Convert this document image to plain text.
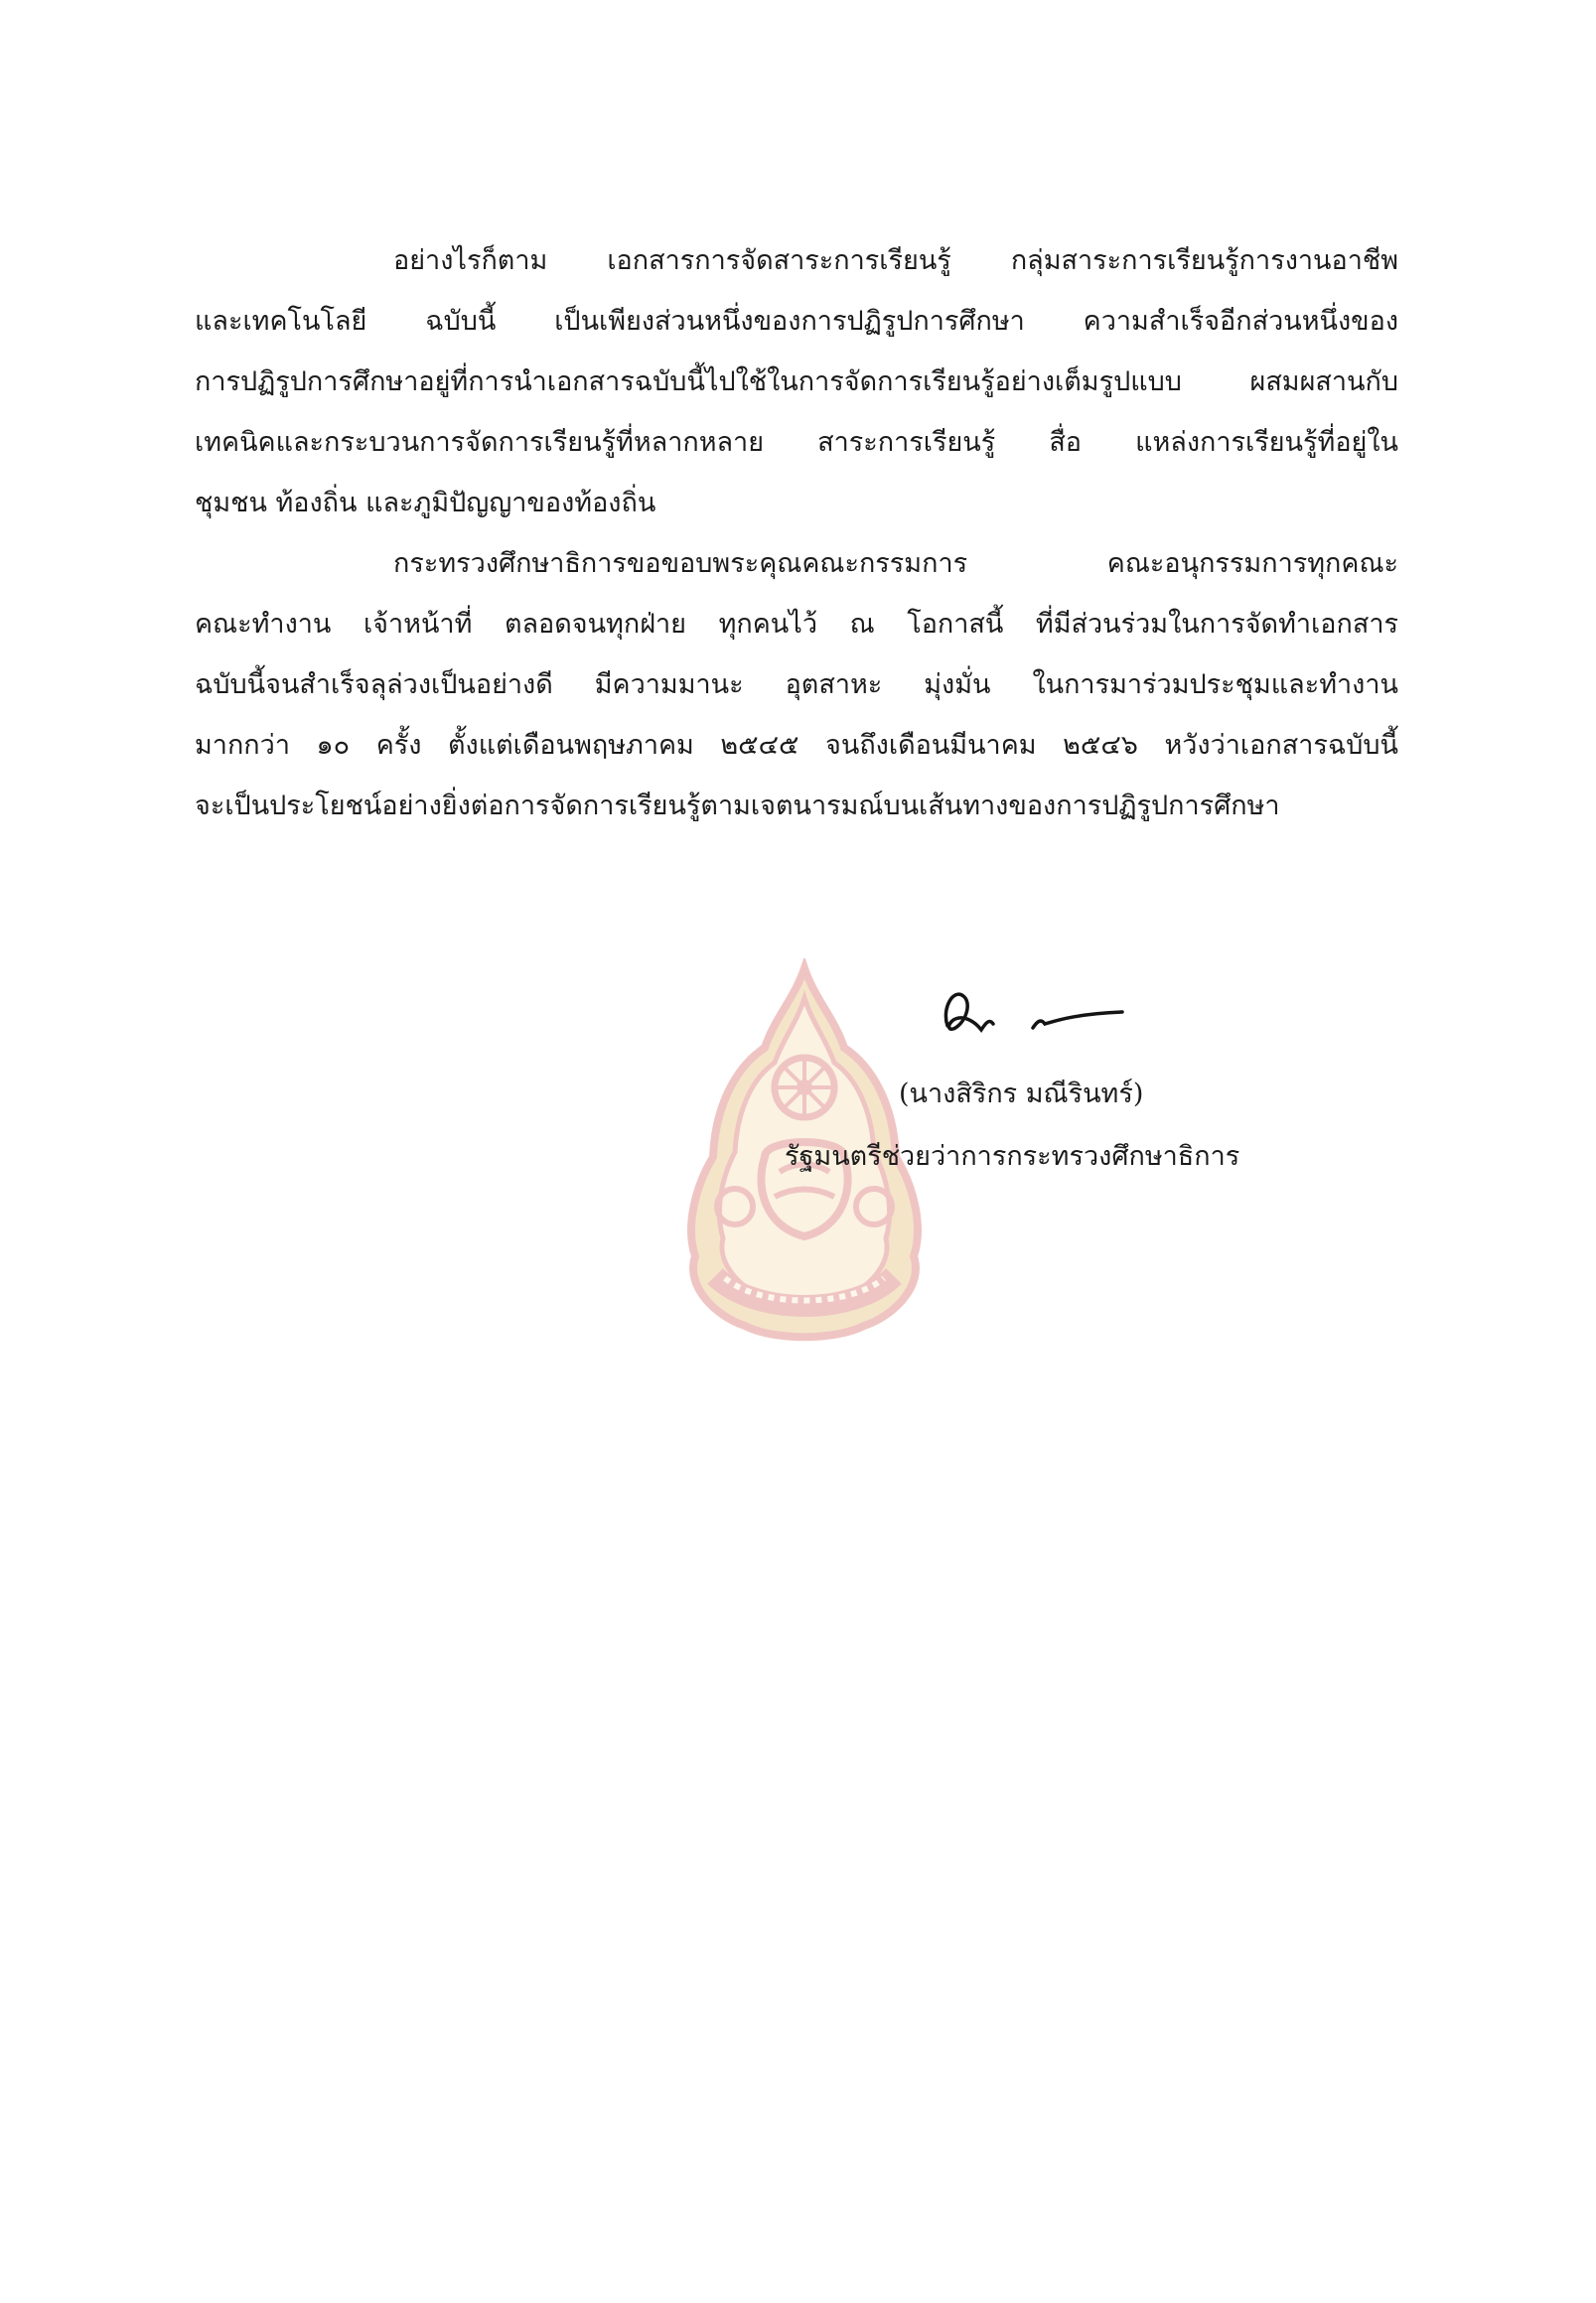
อย่างไรก็ตาม เอกสารการจัดสาระการเรียนรู้ กลุ่มสาระการเรียนรู้การงานอาชีพ
และเทคโนโลยี ฉบับนี้ เป็นเพียงส่วนหนึ่งของการปฏิรูปการศึกษา ความสำเร็จอีกส่วนหนึ่งของ
การปฏิรูปการศึกษาอยู่ที่การนำเอกสารฉบับนี้ไปใช้ในการจัดการเรียนรู้อย่างเต็มรูปแบบ ผสมผสานกับ
เทคนิคและกระบวนการจัดการเรียนรู้ที่หลากหลาย สาระการเรียนรู้ สื่อ แหล่งการเรียนรู้ที่อยู่ใน
ชุมชน ท้องถิ่น และภูมิปัญญาของท้องถิ่น
กระทรวงศึกษาธิการขอขอบพระคุณคณะกรรมการ คณะอนุกรรมการทุกคณะ
คณะทำงาน เจ้าหน้าที่ ตลอดจนทุกฝ่าย ทุกคนไว้ ณ โอกาสนี้ ที่มีส่วนร่วมในการจัดทำเอกสาร
ฉบับนี้จนสำเร็จลุล่วงเป็นอย่างดี มีความมานะ อุตสาหะ มุ่งมั่น ในการมาร่วมประชุมและทำงาน
มากกว่า ๑๐ ครั้ง ตั้งแต่เดือนพฤษภาคม ๒๕๔๕ จนถึงเดือนมีนาคม ๒๕๔๖ หวังว่าเอกสารฉบับนี้
จะเป็นประโยชน์อย่างยิ่งต่อการจัดการเรียนรู้ตามเจตนารมณ์บนเส้นทางของการปฏิรูปการศึกษา
(นางสิริกร มณีรินทร์)
รัฐมนตรีช่วยว่าการกระทรวงศึกษาธิการ
